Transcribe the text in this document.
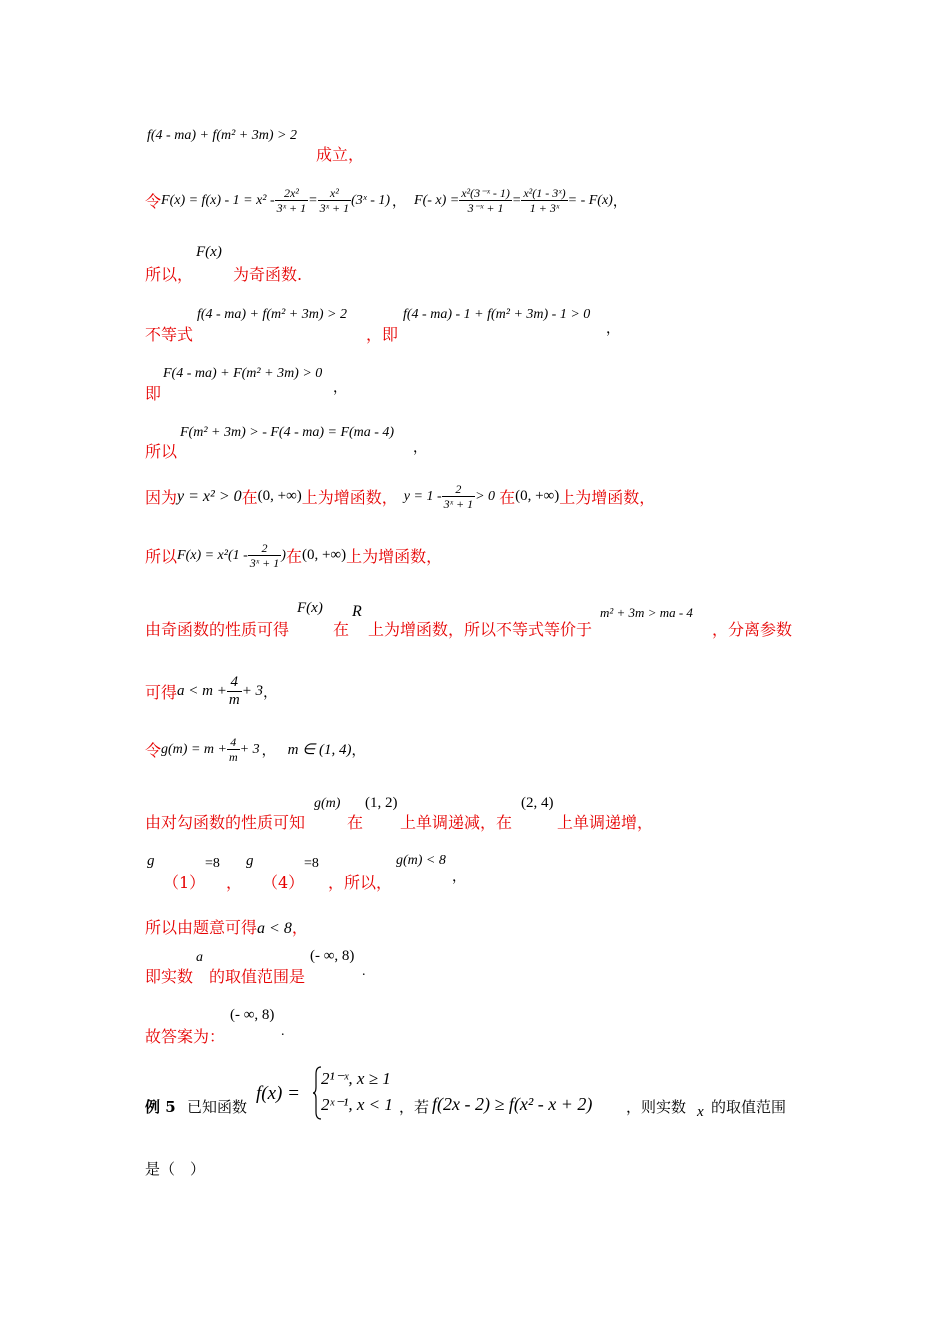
f(4 - ma) + f(m² + 3m) > 2
成立，
令 $F(x) = f(x) - 1 = x^2 - \frac{\text{2x²}}{\text{3ˣ + 1}} = \frac{\text{x²}}{\text{3ˣ + 1}}$ (3ˣ - 1) ， F(- $x) = \frac{\text{x²(3⁻ˣ - 1)}}{\text{3⁻ˣ + 1}} = \frac{\text{x²(1 - 3ˣ)}}{\text{1 + 3ˣ}}$ = - F(x) ，
所以，
F(x)
为奇函数.
不等式
f(4 - ma) + f(m² + 3m) > 2
，即
f(4 - ma) - 1 + f(m² + 3m) - 1 > 0
，
即
F(4 - ma) + F(m² + 3m) > 0
，
所以
F(m² + 3m) > - F(4 - ma) = F(ma - 4)
，
因为 y = x² > 0 在 (0, +∞) 上为增函数， $y = 1 - \frac{2}{\text{3ˣ + 1}} > 0$ 在 (0, +∞) 上为增函数，
所以 $F(x) = x^2(1 - \frac{2}{\text{3ˣ + 1}}$ ) 在 (0, +∞) 上为增函数，
由奇函数的性质可得
F(x)
在
R
上为增函数，所以不等式等价于
m² + 3m > ma - 4
，分离参数
可得 $a < m + \frac{4}{m} + 3$ ，
令 $g(m) = m + \frac{4}{m} + 3$ ， m ∈ (1, 4) ，
由对勾函数的性质可知
g(m)
在
(1, 2)
上单调递减，在
(2, 4)
上单调递增，
g
（1）
=8
，
g
（4）
=8
，所以，
g(m) < 8
，
所以由题意可得 a < 8 ，
即实数
a
的取值范围是
(- ∞, 8)
.
故答案为：
(- ∞, 8)
.
例 5 已知函数
f(x) =
2¹⁻ˣ, x ≥ 1
2ˣ⁻¹, x < 1 ，若 f(2x - 2) ≥ f(x² - x + 2) ，则实数 x 的取值范围
是（　）
